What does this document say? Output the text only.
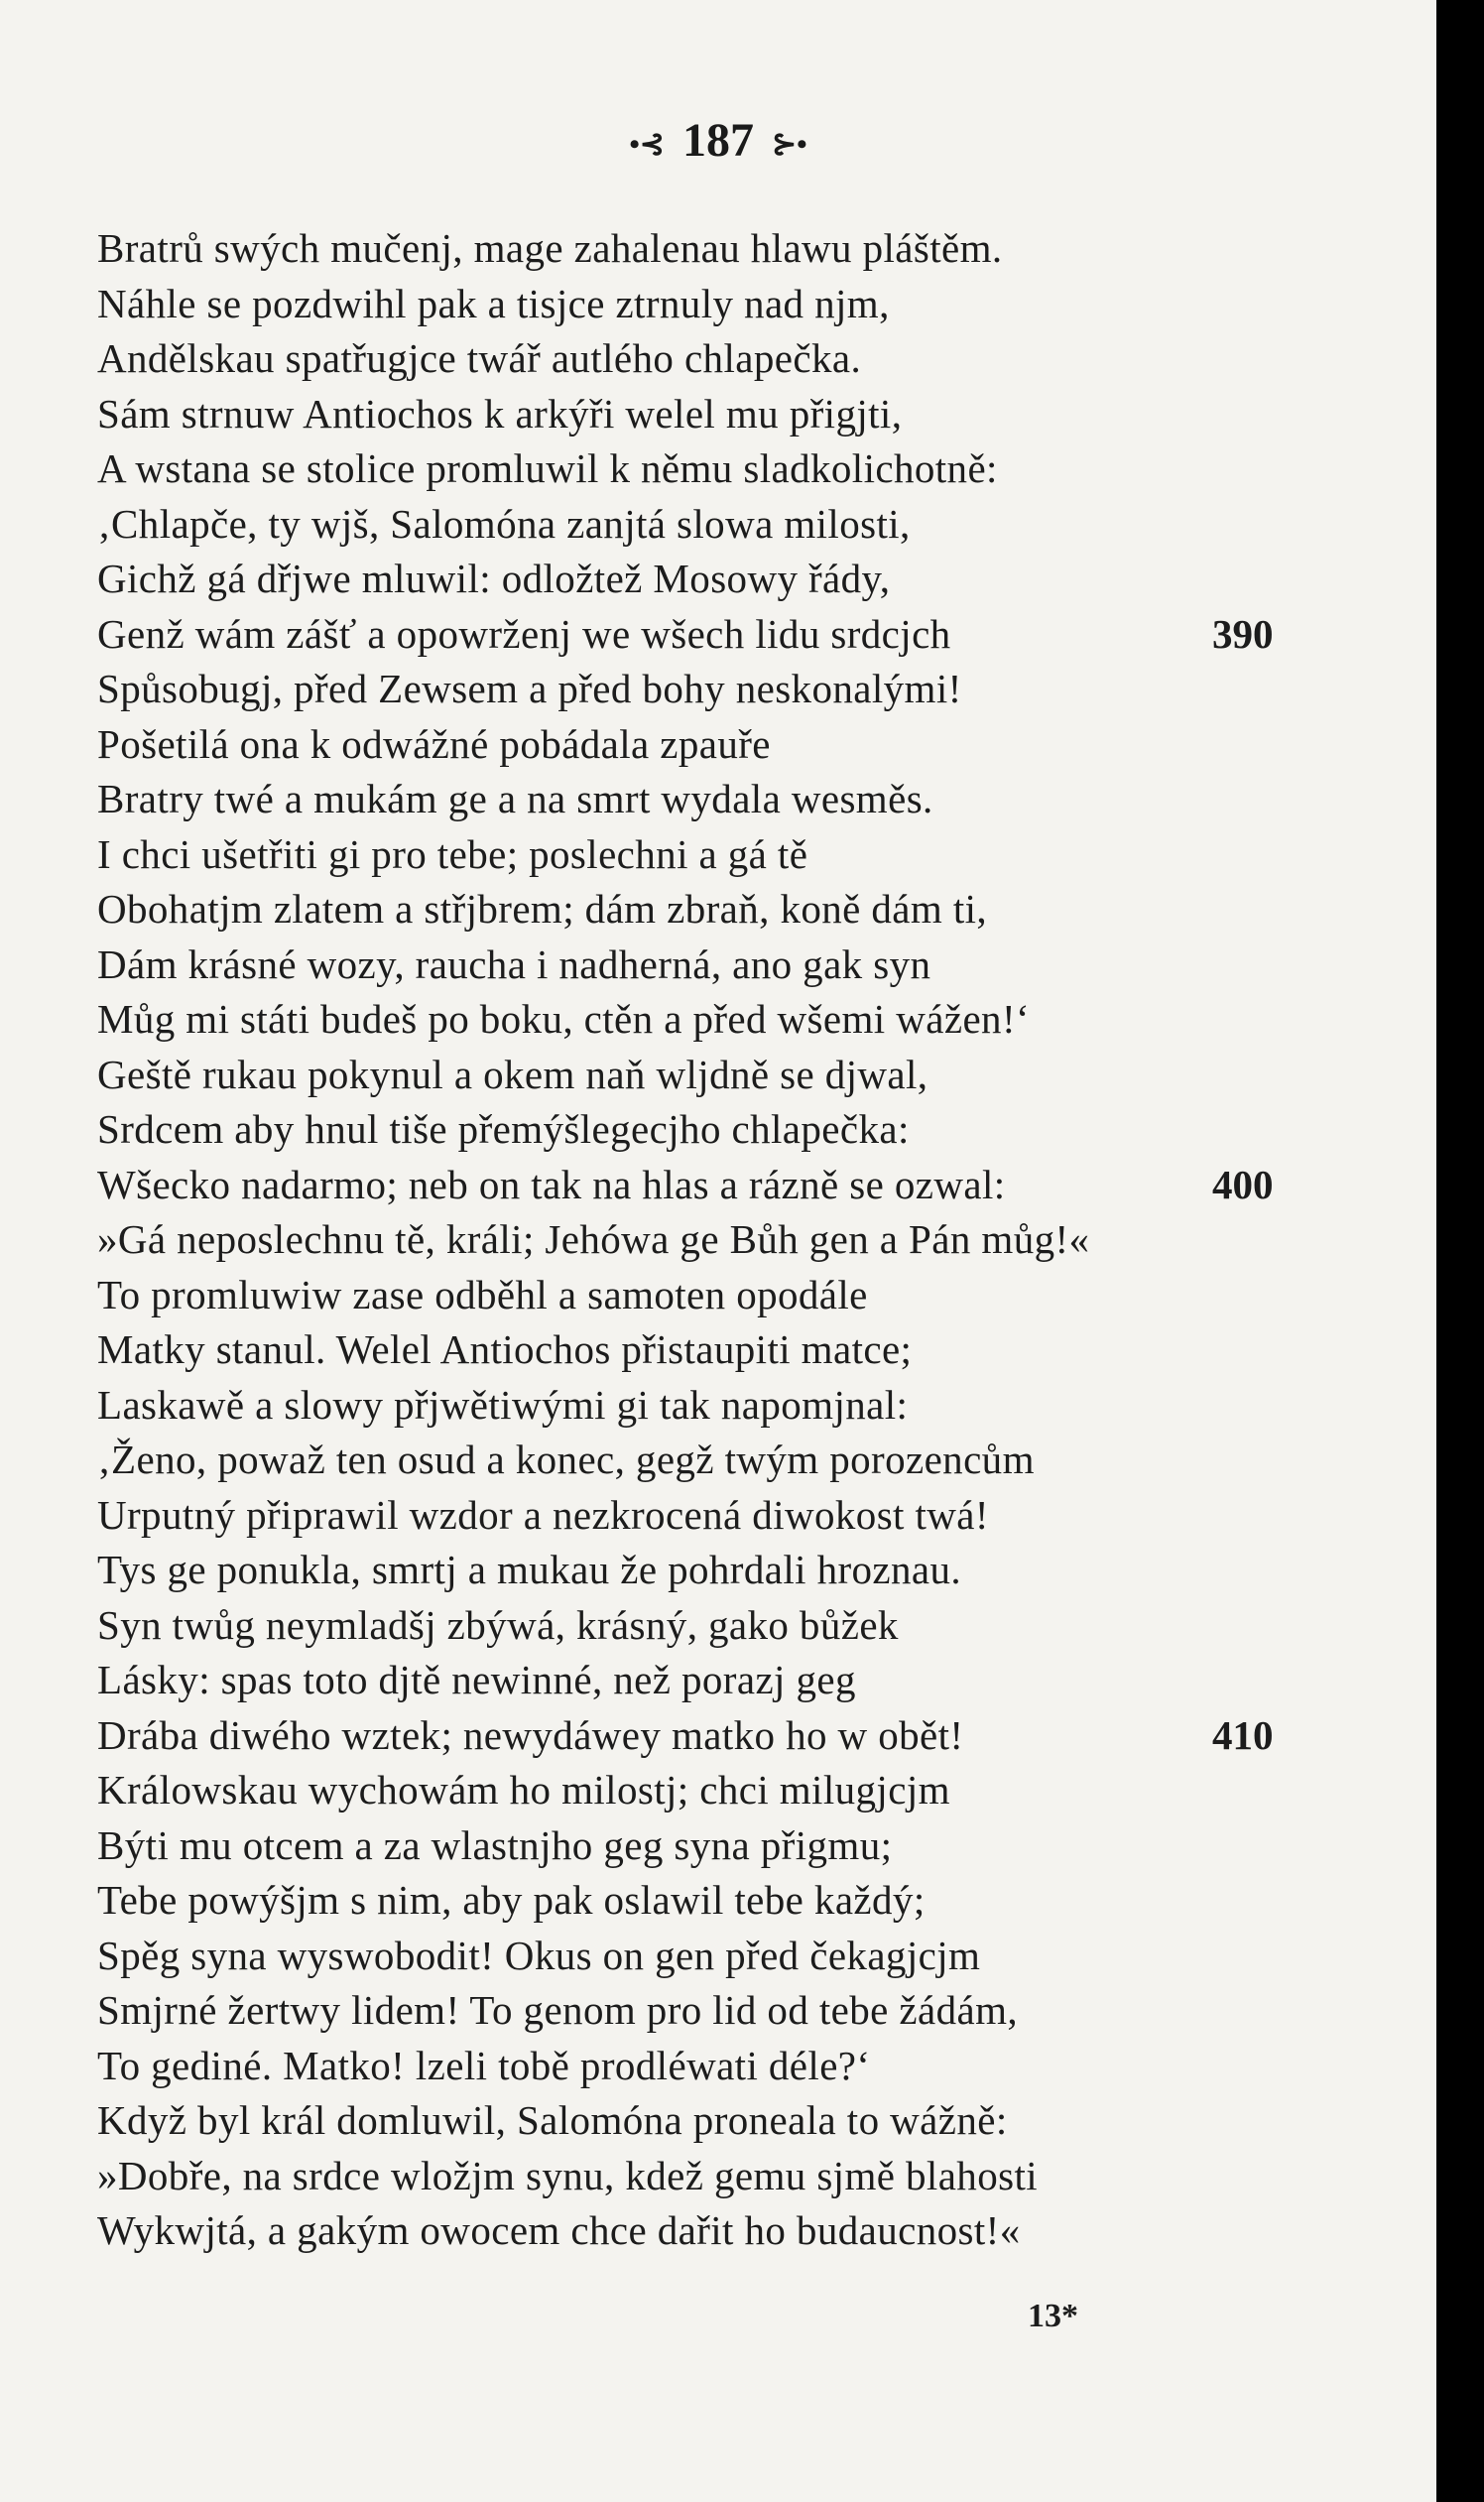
•⊰ 187 ⊱•
Bratrů swých mučenj, mage zahalenau hlawu pláštěm.
Náhle se pozdwihl pak a tisjce ztrnuly nad njm,
Andělskau spatřugjce twář autlého chlapečka.
Sám strnuw Antiochos k arkýři welel mu přigjti,
A wstana se stolice promluwil k němu sladkolichotně:
‚Chlapče, ty wjš, Salomóna zanjtá slowa milosti,
Gichž gá dřjwe mluwil: odložtež Mosowy řády,
Genž wám zášť a opowrženj we wšech lidu srdcjch
Spůsobugj, před Zewsem a před bohy neskonalými!
Pošetilá ona k odwážné pobádala zpauře
Bratry twé a mukám ge a na smrt wydala wesměs.
I chci ušetřiti gi pro tebe; poslechni a gá tě
Obohatjm zlatem a střjbrem; dám zbraň, koně dám ti,
Dám krásné wozy, raucha i nadherná, ano gak syn
Můg mi státi budeš po boku, ctěn a před wšemi wážen!‘
Geště rukau pokynul a okem naň wljdně se djwal,
Srdcem aby hnul tiše přemýšlegecjho chlapečka:
Wšecko nadarmo; neb on tak na hlas a rázně se ozwal:
»Gá neposlechnu tě, králi; Jehówa ge Bůh gen a Pán můg!«
To promluwiw zase odběhl a samoten opodále
Matky stanul. Welel Antiochos přistaupiti matce;
Laskawě a slowy přjwětiwými gi tak napomjnal:
‚Ženo, powaž ten osud a konec, gegž twým porozencům
Urputný připrawil wzdor a nezkrocená diwokost twá!
Tys ge ponukla, smrtj a mukau že pohrdali hroznau.
Syn twůg neymladšj zbýwá, krásný, gako bůžek
Lásky: spas toto djtě newinné, než porazj geg
Drába diwého wztek; newydáwey matko ho w obět!
Králowskau wychowám ho milostj; chci milugjcjm
Býti mu otcem a za wlastnjho geg syna přigmu;
Tebe powýšjm s nim, aby pak oslawil tebe každý;
Spěg syna wyswobodit! Okus on gen před čekagjcjm
Smjrné žertwy lidem! To genom pro lid od tebe žádám,
To gediné. Matko! lzeli tobě prodléwati déle?‘
Když byl král domluwil, Salomóna proneala to wážně:
»Dobře, na srdce wložjm synu, kdež gemu sjmě blahosti
Wykwjtá, a gakým owocem chce dařit ho budaucnost!«
390
400
410
13*
